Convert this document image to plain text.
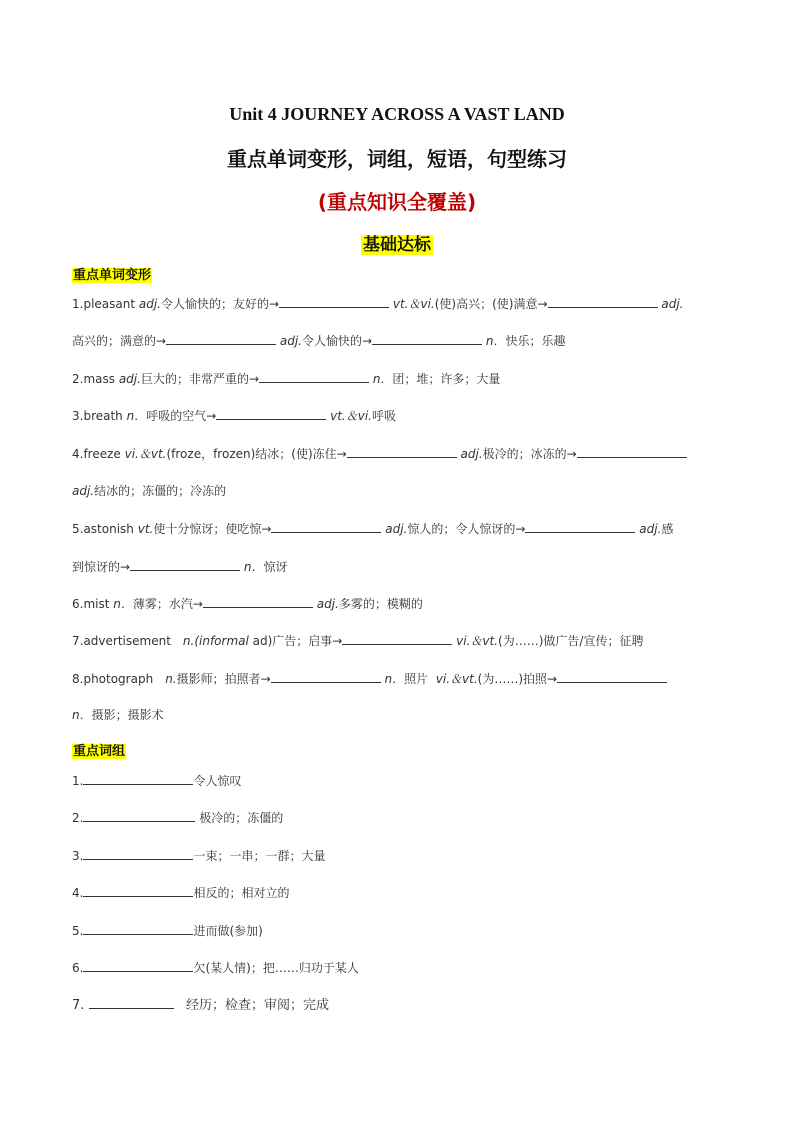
Unit 4 JOURNEY ACROSS A VAST LAND
重点单词变形，词组，短语，句型练习
(重点知识全覆盖)
基础达标
重点单词变形
1.pleasant adj.令人愉快的；友好的→	vt.＆vi.(使)高兴；(使)满意→	adj.
高兴的；满意的→	adj.令人愉快的→	n．快乐；乐趣
2.mass adj.巨大的；非常严重的→	n．团；堆；许多；大量
3.breath n．呼吸的空气→	vt.＆vi.呼吸
4.freeze vi.＆vt.(froze，frozen)结冰；(使)冻住→	adj.极冷的；冰冻的→
adj.结冰的；冻僵的；冷冻的
5.astonish vt.使十分惊讶；使吃惊→	adj.惊人的；令人惊讶的→	adj.感
到惊讶的→	n．惊讶
6.mist n．薄雾；水汽→	adj.多雾的；模糊的
7.advertisement　n.(informal ad)广告；启事→	vi.＆vt.(为……)做广告/宣传；征聘
8.photograph　n.摄影师；拍照者→	n．照片 vi.＆vt.(为……)拍照→
n．摄影；摄影术
重点词组
1.	令人惊叹
2.	极冷的；冻僵的
3.	一束；一串；一群；大量
4.	相反的；相对立的
5.	进而做(参加)
6.	欠(某人情)；把……归功于某人
7.	经历；检查；审阅；完成
